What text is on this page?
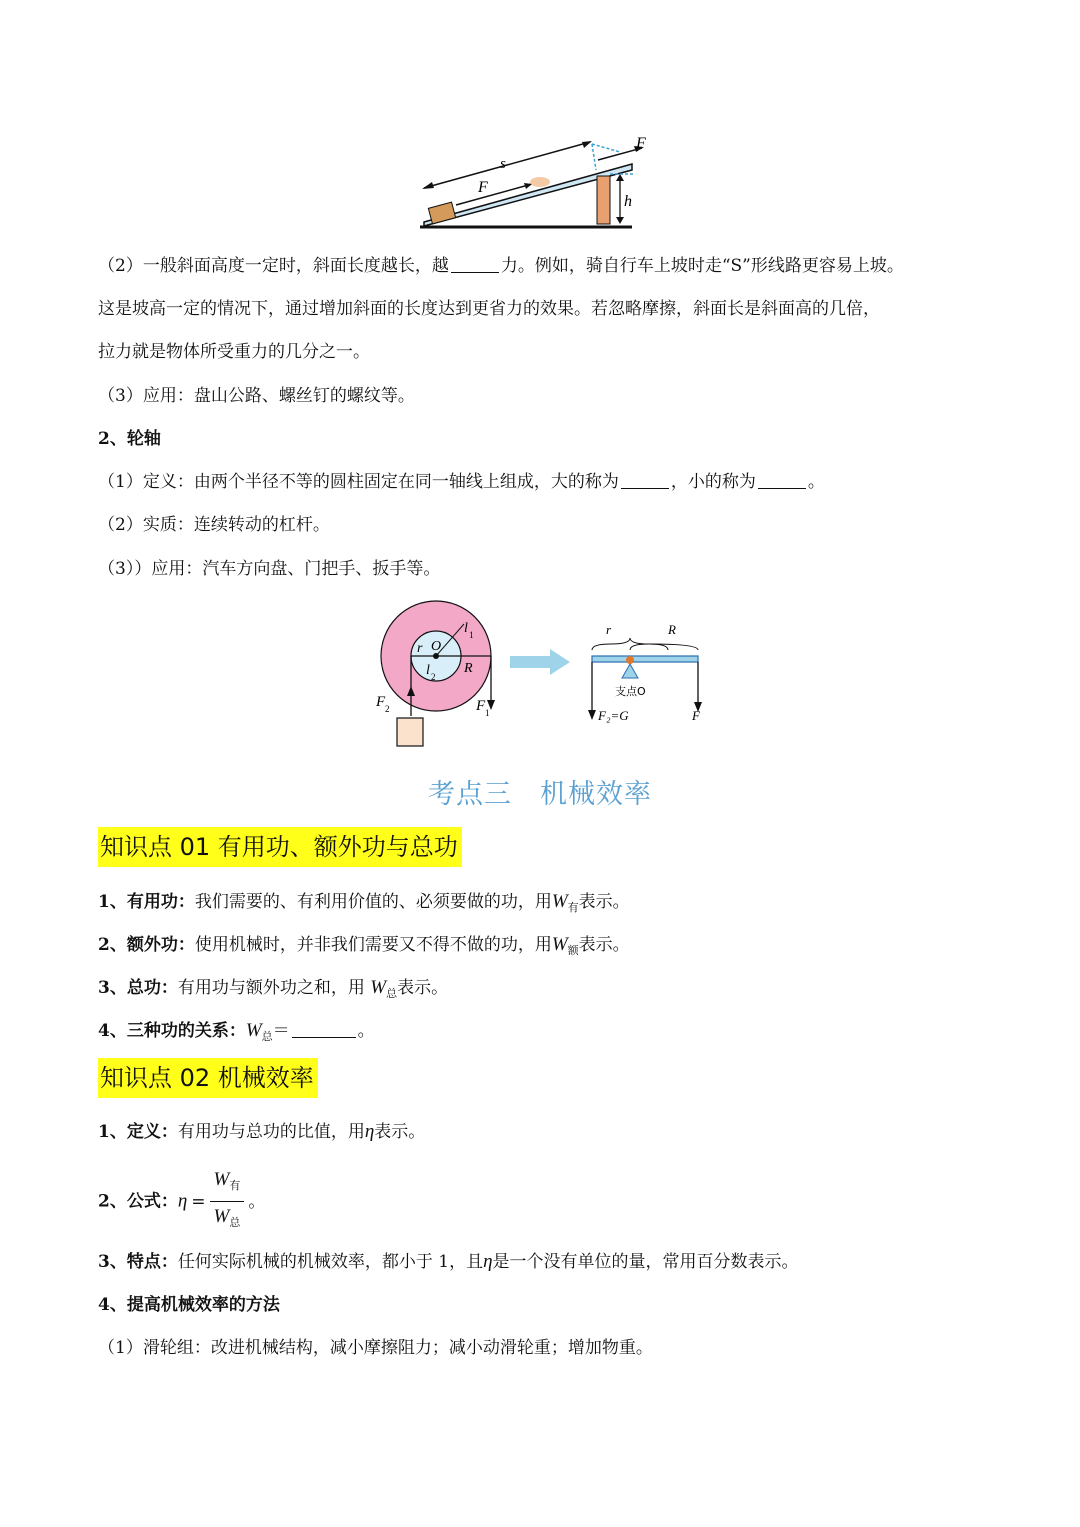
s
F
F
h
（2）一般斜面高度一定时，斜面长度越长，越	力。例如，骑自行车上坡时走“S”形线路更容易上坡。
这是坡高一定的情况下，通过增加斜面的长度达到更省力的效果。若忽略摩擦，斜面长是斜面高的几倍，
拉力就是物体所受重力的几分之一。
（3）应用：盘山公路、螺丝钉的螺纹等。
2、轮轴
（1）定义：由两个半径不等的圆柱固定在同一轴线上组成，大的称为	，小的称为	。
（2）实质：连续转动的杠杆。
（3））应用：汽车方向盘、门把手、扳手等。
O
r
R
l 1
l 2
F 1
F 2
r	R
支点O
F₂=G	F
考点三　机械效率
知识点 01 有用功、额外功与总功
1、有用功：我们需要的、有利用价值的、必须要做的功，用$W_有$表示。
2、额外功：使用机械时，并非我们需要又不得不做的功，用$W_额$表示。
3、总功：有用功与额外功之和，用 $W_总$表示。
4、三种功的关系：$W_总=$	。
知识点 02 机械效率
1、定义：有用功与总功的比值，用η表示。
2、公式：$\eta = \frac{W_有}{W_总}$ 。
3、特点：任何实际机械的机械效率，都小于 1，且η是一个没有单位的量，常用百分数表示。
4、提高机械效率的方法
（1）滑轮组：改进机械结构，减小摩擦阻力；减小动滑轮重；增加物重。
